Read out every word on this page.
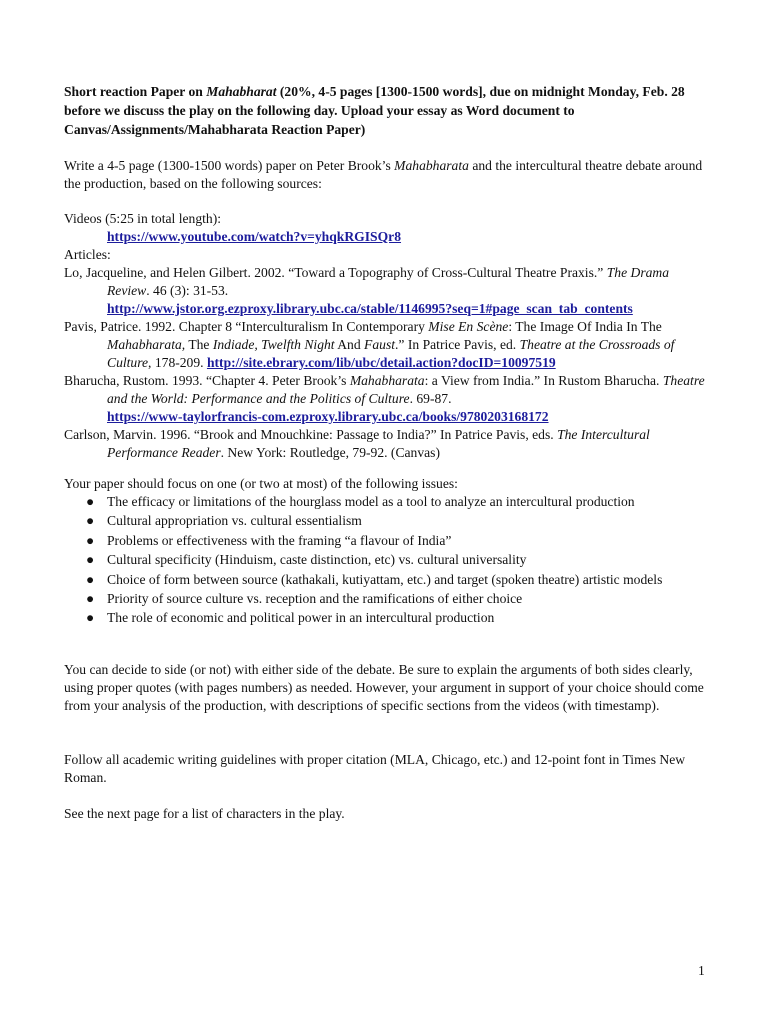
Short reaction Paper on Mahabharat (20%, 4-5 pages [1300-1500 words], due on midnight Monday, Feb. 28 before we discuss the play on the following day. Upload your essay as Word document to Canvas/Assignments/Mahabharata Reaction Paper)

Write a 4-5 page (1300-1500 words) paper on Peter Brook’s Mahabharata and the intercultural theatre debate around the production, based on the following sources:

Videos (5:25 in total length):
https://www.youtube.com/watch?v=yhqkRGISQr8
Articles:
Lo, Jacqueline, and Helen Gilbert. 2002. “Toward a Topography of Cross-Cultural Theatre Praxis.” The Drama Review. 46 (3): 31-53.
http://www.jstor.org.ezproxy.library.ubc.ca/stable/1146995?seq=1#page_scan_tab_contents
Pavis, Patrice. 1992. Chapter 8 “Interculturalism In Contemporary Mise En Scène: The Image Of India In The Mahabharata, The Indiade, Twelfth Night And Faust.” In Patrice Pavis, ed. Theatre at the Crossroads of Culture, 178-209. http://site.ebrary.com/lib/ubc/detail.action?docID=10097519
Bharucha, Rustom. 1993. “Chapter 4. Peter Brook’s Mahabharata: a View from India.” In Rustom Bharucha. Theatre and the World: Performance and the Politics of Culture. 69-87.
https://www-taylorfrancis-com.ezproxy.library.ubc.ca/books/9780203168172
Carlson, Marvin. 1996. “Brook and Mnouchkine: Passage to India?” In Patrice Pavis, eds. The Intercultural Performance Reader. New York: Routledge, 79-92. (Canvas)
Your paper should focus on one (or two at most) of the following issues:
● The efficacy or limitations of the hourglass model as a tool to analyze an intercultural production
● Cultural appropriation vs. cultural essentialism
● Problems or effectiveness with the framing “a flavour of India”
● Cultural specificity (Hinduism, caste distinction, etc) vs. cultural universality
● Choice of form between source (kathakali, kutiyattam, etc.) and target (spoken theatre) artistic models
● Priority of source culture vs. reception and the ramifications of either choice
● The role of economic and political power in an intercultural production

You can decide to side (or not) with either side of the debate. Be sure to explain the arguments of both sides clearly, using proper quotes (with pages numbers) as needed. However, your argument in support of your choice should come from your analysis of the production, with descriptions of specific sections from the videos (with timestamp).

Follow all academic writing guidelines with proper citation (MLA, Chicago, etc.) and 12-point font in Times New Roman.

See the next page for a list of characters in the play.

1
